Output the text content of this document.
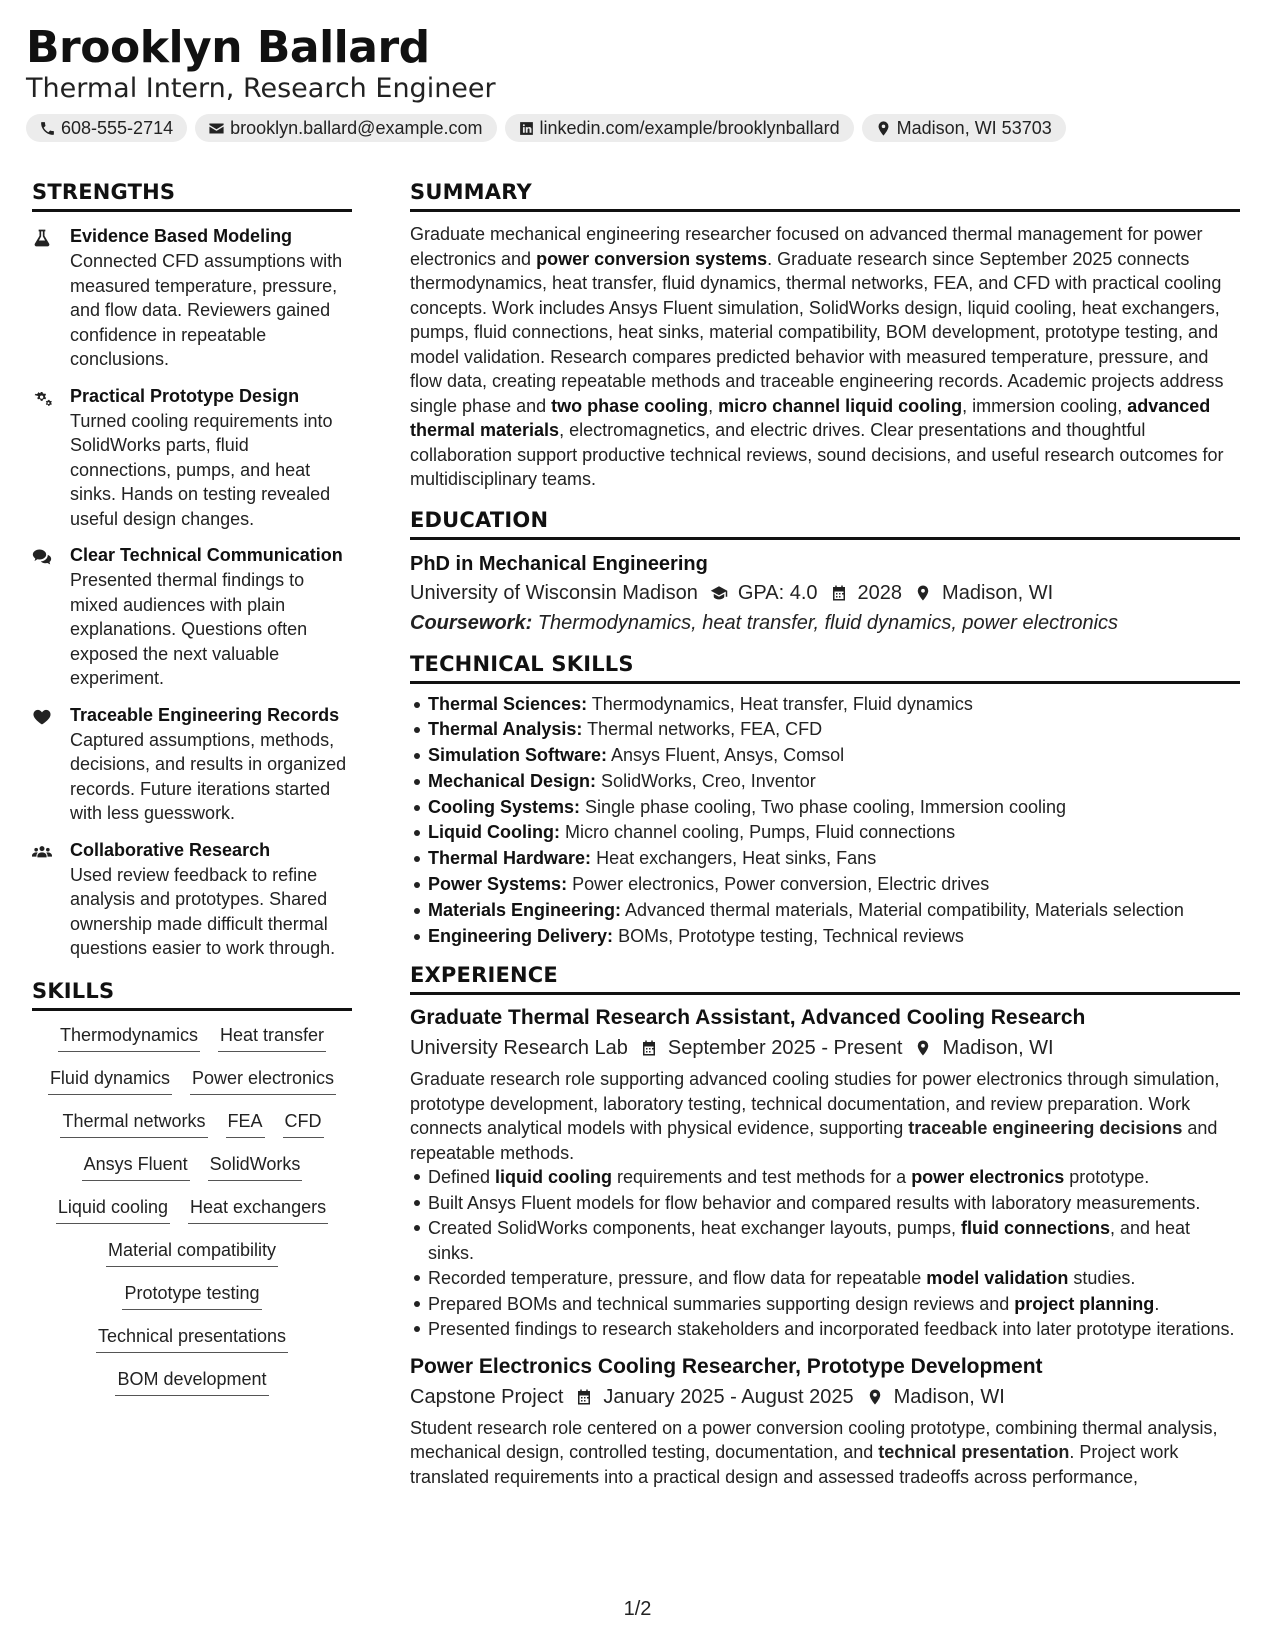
Brooklyn Ballard
Thermal Intern, Research Engineer
608-555-2714	brooklyn.ballard@example.com	linkedin.com/example/brooklynballard	Madison, WI 53703
STRENGTHS
Evidence Based Modeling
Connected CFD assumptions with measured temperature, pressure, and flow data. Reviewers gained confidence in repeatable conclusions.
Practical Prototype Design
Turned cooling requirements into SolidWorks parts, fluid connections, pumps, and heat sinks. Hands on testing revealed useful design changes.
Clear Technical Communication
Presented thermal findings to mixed audiences with plain explanations. Questions often exposed the next valuable experiment.
Traceable Engineering Records
Captured assumptions, methods, decisions, and results in organized records. Future iterations started with less guesswork.
Collaborative Research
Used review feedback to refine analysis and prototypes. Shared ownership made difficult thermal questions easier to work through.
SKILLS
Thermodynamics Heat transfer
Fluid dynamics Power electronics
Thermal networks FEA CFD
Ansys Fluent SolidWorks
Liquid cooling Heat exchangers
Material compatibility
Prototype testing
Technical presentations
BOM development
SUMMARY
Graduate mechanical engineering researcher focused on advanced thermal management for power electronics and power conversion systems. Graduate research since September 2025 connects thermodynamics, heat transfer, fluid dynamics, thermal networks, FEA, and CFD with practical cooling concepts. Work includes Ansys Fluent simulation, SolidWorks design, liquid cooling, heat exchangers, pumps, fluid connections, heat sinks, material compatibility, BOM development, prototype testing, and model validation. Research compares predicted behavior with measured temperature, pressure, and flow data, creating repeatable methods and traceable engineering records. Academic projects address single phase and two phase cooling, micro channel liquid cooling, immersion cooling, advanced thermal materials, electromagnetics, and electric drives. Clear presentations and thoughtful collaboration support productive technical reviews, sound decisions, and useful research outcomes for multidisciplinary teams.
EDUCATION
PhD in Mechanical Engineering
University of Wisconsin Madison GPA: 4.0 2028 Madison, WI
Coursework: Thermodynamics, heat transfer, fluid dynamics, power electronics
TECHNICAL SKILLS
Thermal Sciences: Thermodynamics, Heat transfer, Fluid dynamics
Thermal Analysis: Thermal networks, FEA, CFD
Simulation Software: Ansys Fluent, Ansys, Comsol
Mechanical Design: SolidWorks, Creo, Inventor
Cooling Systems: Single phase cooling, Two phase cooling, Immersion cooling
Liquid Cooling: Micro channel cooling, Pumps, Fluid connections
Thermal Hardware: Heat exchangers, Heat sinks, Fans
Power Systems: Power electronics, Power conversion, Electric drives
Materials Engineering: Advanced thermal materials, Material compatibility, Materials selection
Engineering Delivery: BOMs, Prototype testing, Technical reviews
EXPERIENCE
Graduate Thermal Research Assistant, Advanced Cooling Research
University Research Lab September 2025 - Present Madison, WI
Graduate research role supporting advanced cooling studies for power electronics through simulation, prototype development, laboratory testing, technical documentation, and review preparation. Work connects analytical models with physical evidence, supporting traceable engineering decisions and repeatable methods.
Defined liquid cooling requirements and test methods for a power electronics prototype.
Built Ansys Fluent models for flow behavior and compared results with laboratory measurements.
Created SolidWorks components, heat exchanger layouts, pumps, fluid connections, and heat sinks.
Recorded temperature, pressure, and flow data for repeatable model validation studies.
Prepared BOMs and technical summaries supporting design reviews and project planning.
Presented findings to research stakeholders and incorporated feedback into later prototype iterations.
Power Electronics Cooling Researcher, Prototype Development
Capstone Project January 2025 - August 2025 Madison, WI
Student research role centered on a power conversion cooling prototype, combining thermal analysis, mechanical design, controlled testing, documentation, and technical presentation. Project work translated requirements into a practical design and assessed tradeoffs across performance,
1/2
